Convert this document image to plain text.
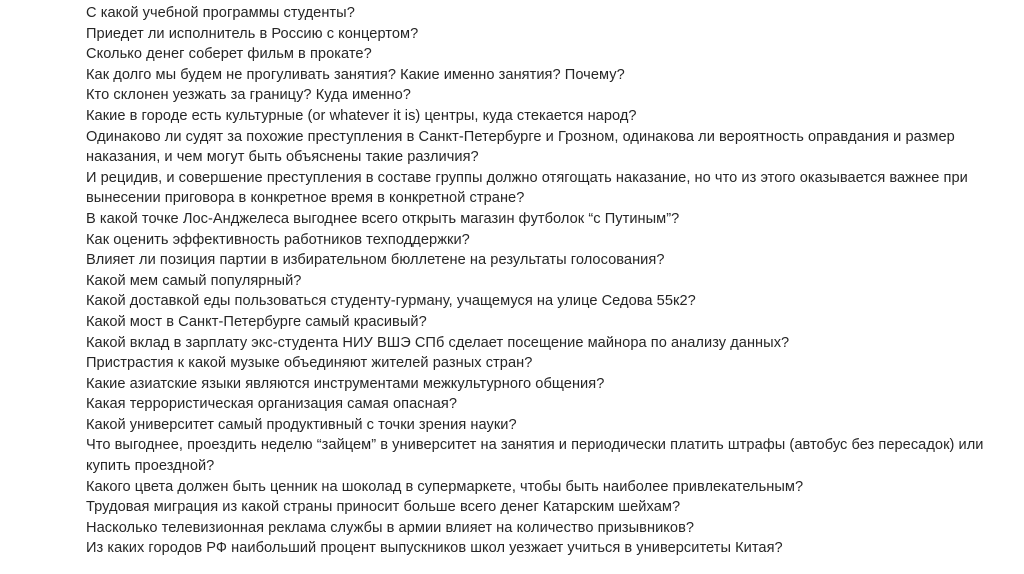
С какой учебной программы студенты?
Приедет ли исполнитель в Россию с концертом?
Сколько денег соберет фильм в прокате?
Как долго мы будем не прогуливать занятия? Какие именно занятия? Почему?
Кто склонен уезжать за границу? Куда именно?
Какие в городе есть культурные (or whatever it is) центры, куда стекается народ?
Одинаково ли судят за похожие преступления в Санкт-Петербурге и Грозном, одинакова ли вероятность оправдания и размер наказания, и чем могут быть объяснены такие различия?
И рецидив, и совершение преступления в составе группы должно отягощать наказание, но что из этого оказывается важнее при вынесении приговора в конкретное время в конкретной стране?
В какой точке Лос-Анджелеса выгоднее всего открыть магазин футболок “с Путиным”?
Как оценить эффективность работников техподдержки?
Влияет ли позиция партии в избирательном бюллетене на результаты голосования?
Какой мем самый популярный?
Какой доставкой еды пользоваться студенту-гурману, учащемуся на улице Седова 55к2?
Какой мост в Санкт-Петербурге самый красивый?
Какой вклад в зарплату экс-студента НИУ ВШЭ СПб сделает посещение майнора по анализу данных?
Пристрастия к какой музыке объединяют жителей разных стран?
Какие азиатские языки являются инструментами межкультурного общения?
Какая террористическая организация самая опасная?
Какой университет самый продуктивный с точки зрения науки?
Что выгоднее, проездить неделю “зайцем” в университет на занятия и периодически платить штрафы (автобус без пересадок) или купить проездной?
Какого цвета должен быть ценник на шоколад в супермаркете, чтобы быть наиболее привлекательным?
Трудовая миграция из какой страны приносит больше всего денег Катарским шейхам?
Насколько телевизионная реклама службы в армии влияет на количество призывников?
Из каких городов РФ наибольший процент выпускников школ уезжает учиться в университеты Китая?
